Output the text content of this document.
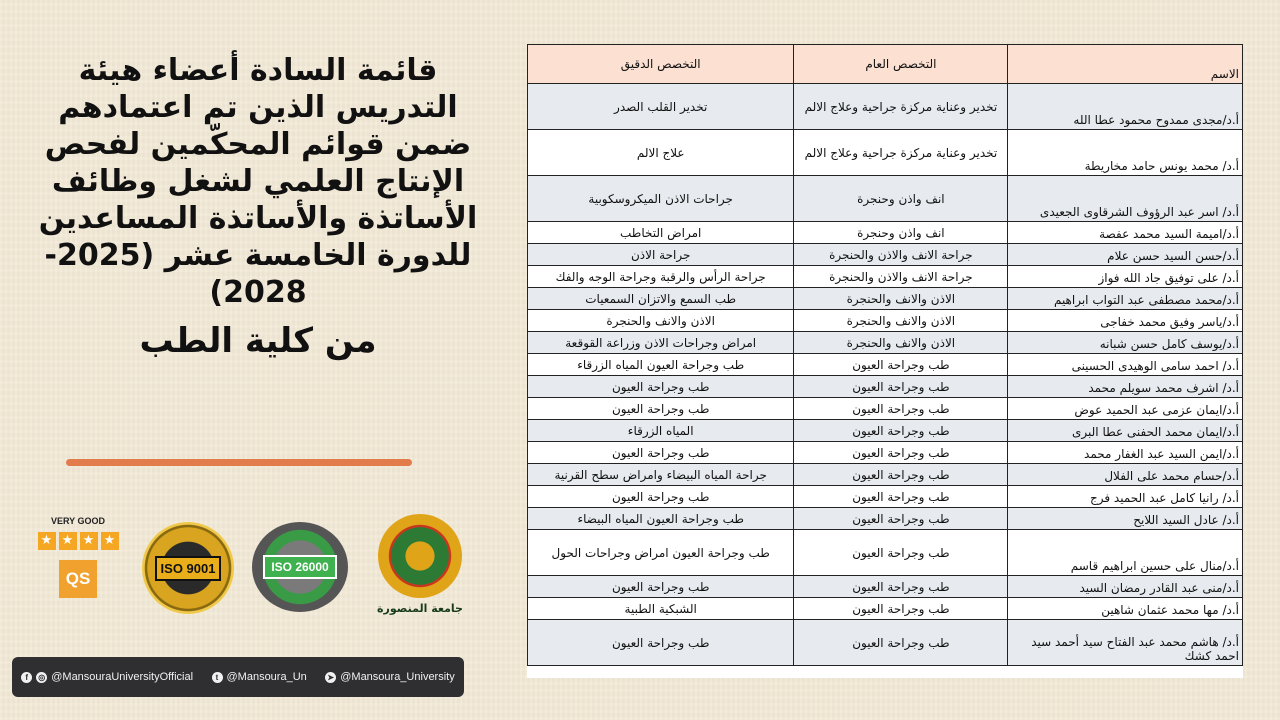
قائمة السادة أعضاء هيئة التدريس الذين تم اعتمادهم ضمن قوائم المحكّمين لفحص الإنتاج العلمي لشغل وظائف الأساتذة والأساتذة المساعدين للدورة الخامسة عشر (2025-2028)
من كلية الطب
VERY GOOD
★ ★ ★ ★
QS
ISO 9001	ISO 26000
جامعة المنصورة
f	◎ @MansouraUniversityOfficial	t @Mansoura_Un	➤ @Mansoura_University
الاسم	التخصص العام	التخصص الدقيق
أ.د/مجدى ممدوح محمود عطا الله	تخدير وعناية مركزة جراحية وعلاج الالم	تخدير القلب الصدر
أ.د/ محمد يونس حامد مخاريطة	تخدير وعناية مركزة جراحية وعلاج الالم	علاج الالم
أ.د/ اسر عبد الرؤوف الشرقاوى الجعيدى	انف واذن وحنجرة	جراحات الاذن الميكروسكوبية
أ.د/اميمة السيد محمد عفصة	انف واذن وحنجرة	امراض التخاطب
أ.د/حسن السيد حسن علام	جراحة الانف والاذن والحنجرة	جراحة الاذن
أ.د/ على توفيق جاد الله فواز	جراحة الانف والاذن والحنجرة	جراحة الرأس والرقبة وجراحة الوجه والفك
أ.د/محمد مصطفى عبد التواب ابراهيم	الاذن والانف والحنجرة	طب السمع والاتزان السمعيات
أ.د/ياسر وفيق محمد خفاجى	الاذن والانف والحنجرة	الاذن والانف والحنجرة
أ.د/يوسف كامل حسن شبانه	الاذن والانف والحنجرة	امراض وجراحات الاذن وزراعة القوقعة
أ.د/ احمد سامى الوهيدى الحسينى	طب وجراحة العيون	طب وجراحة العيون المياه الزرقاء
أ.د/ اشرف محمد سويلم محمد	طب وجراحة العيون	طب وجراحة العيون
أ.د/ايمان عزمى عبد الحميد عوض	طب وجراحة العيون	طب وجراحة العيون
أ.د/ايمان محمد الحفنى عطا البرى	طب وجراحة العيون	المياه الزرقاء
أ.د/ايمن السيد عبد الغفار محمد	طب وجراحة العيون	طب وجراحة العيون
أ.د/حسام محمد على الفلال	طب وجراحة العيون	جراحة المياه البيضاء وامراض سطح القرنية
أ.د/ رانيا كامل عبد الحميد فرج	طب وجراحة العيون	طب وجراحة العيون
أ.د/ عادل السيد اللايح	طب وجراحة العيون	طب وجراحة العيون المياه البيضاء
أ.د/منال على حسين ابراهيم قاسم	طب وجراحة العيون	طب وجراحة العيون امراض وجراحات الحول
أ.د/منى عبد القادر رمضان السيد	طب وجراحة العيون	طب وجراحة العيون
أ.د/ مها محمد عثمان شاهين	طب وجراحة العيون	الشبكية الطبية
أ.د/ هاشم محمد عبد الفتاح سيد أحمد سيد احمد كشك	طب وجراحة العيون	طب وجراحة العيون
